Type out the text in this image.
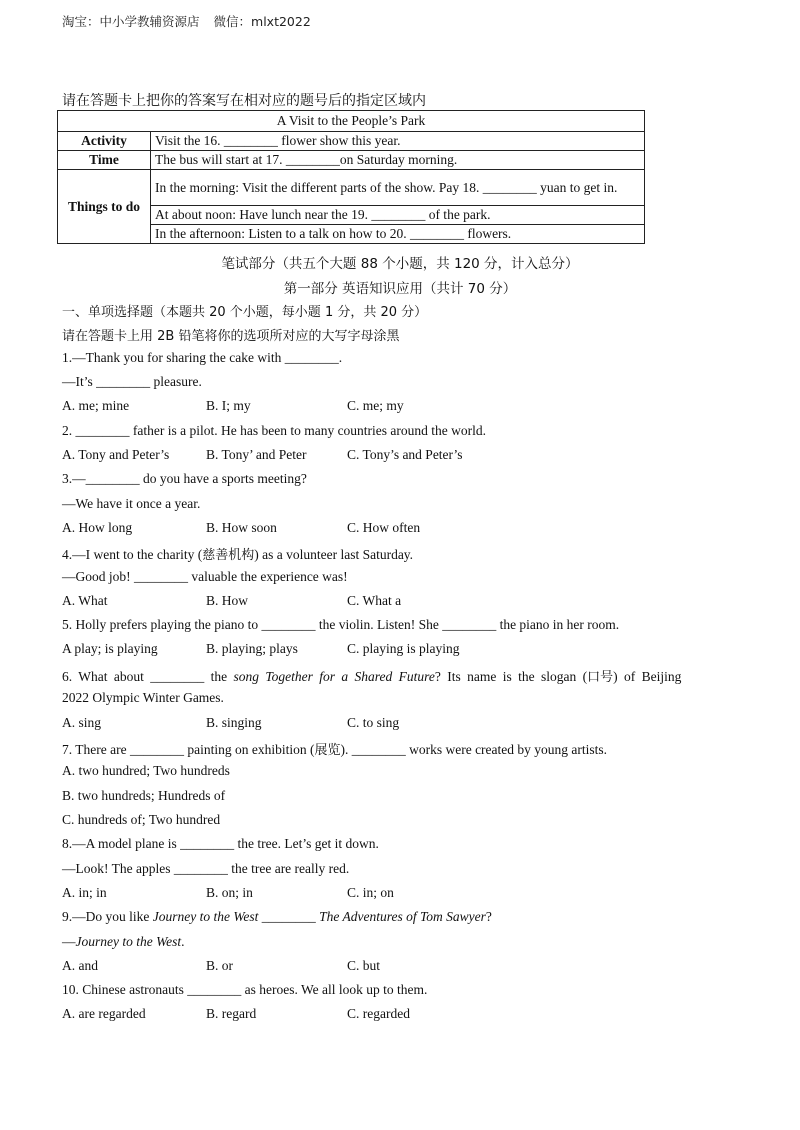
淘宝：中小学教辅资源店 微信：mlxt2022
请在答题卡上把你的答案写在相对应的题号后的指定区域内
A Visit to the People’s Park	
Activity	Visit the 16. ________ flower show this year.
Time	The bus will start at 17. ________on Saturday morning.
Things to do	In the morning: Visit the different parts of the show. Pay 18. ________ yuan to get in.
	At about noon: Have lunch near the 19. ________ of the park.
	In the afternoon: Listen to a talk on how to 20. ________ flowers.
笔试部分（共五个大题 88 个小题，共 120 分，计入总分）
第一部分 英语知识应用（共计 70 分）
一、单项选择题（本题共 20 个小题，每小题 1 分，共 20 分）
请在答题卡上用 2B 铅笔将你的选项所对应的大写字母涂黑
1.—Thank you for sharing the cake with ________.
—It’s ________ pleasure.
A. me; mine	B. I; my	C. me; my
2. ________ father is a pilot. He has been to many countries around the world.
A. Tony and Peter’s	B. Tony’ and Peter	C. Tony’s and Peter’s
3.—________ do you have a sports meeting?
—We have it once a year.
A. How long	B. How soon	C. How often
4.—I went to the charity (慈善机构) as a volunteer last Saturday.
—Good job! ________ valuable the experience was!
A. What	B. How	C. What a
5. Holly prefers playing the piano to ________ the violin. Listen! She ________ the piano in her room.
A play; is playing	B. playing; plays	C. playing is playing
6. What about ________ the song Together for a Shared Future? Its name is the slogan (口号) of Beijing
2022 Olympic Winter Games.
A. sing	B. singing	C. to sing
7. There are ________ painting on exhibition (展览). ________ works were created by young artists.
A. two hundred; Two hundreds
B. two hundreds; Hundreds of
C. hundreds of; Two hundred
8.—A model plane is ________ the tree. Let’s get it down.
—Look! The apples ________ the tree are really red.
A. in; in	B. on; in	C. in; on
9.—Do you like Journey to the West ________ The Adventures of Tom Sawyer?
—Journey to the West.
A. and	B. or	C. but
10. Chinese astronauts ________ as heroes. We all look up to them.
A. are regarded	B. regard	C. regarded
